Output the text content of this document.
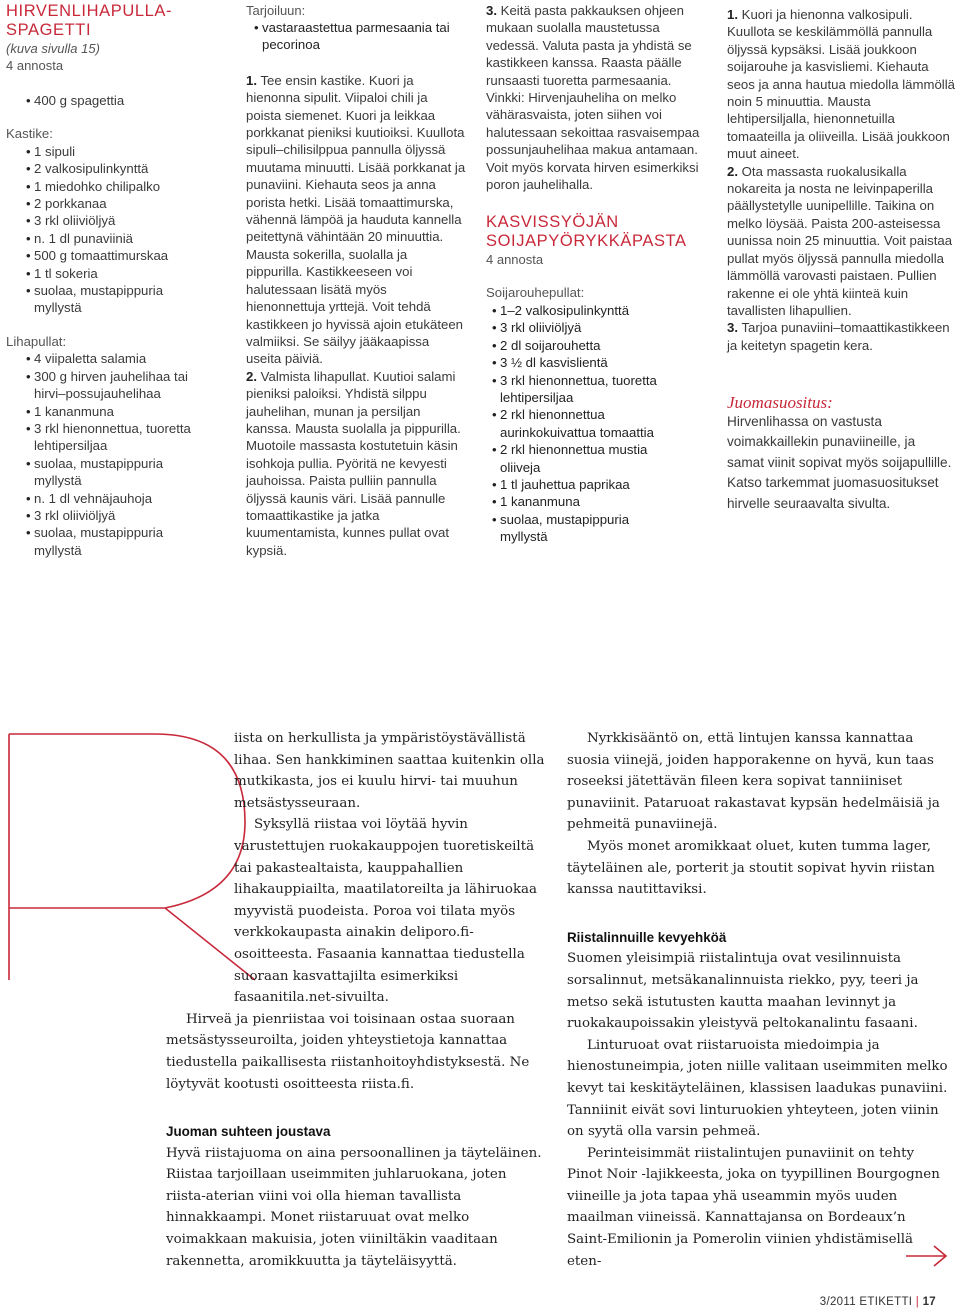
HIRVENLIHAPULLA-SPAGETTI
(kuva sivulla 15)
4 annosta
• 400 g spagettia
Kastike:
• 1 sipuli
• 2 valkosipulinkynttä
• 1 miedohko chilipalko
• 2 porkkanaa
• 3 rkl oliiviöljyä
• n. 1 dl punaviiniä
• 500 g tomaattimurskaa
• 1 tl sokeria
• suolaa, mustapippuria myllystä
Lihapullat:
• 4 viipaletta salamia
• 300 g hirven jauhelihaa tai hirvi–possujauhelihaa
• 1 kananmuna
• 3 rkl hienonnettua, tuoretta lehtipersiljaa
• suolaa, mustapippuria myllystä
• n. 1 dl vehnäjauhoja
• 3 rkl oliiviöljyä
• suolaa, mustapippuria myllystä
Tarjoiluun:
• vastaraastettua parmesaania tai pecorinoa

1. Tee ensin kastike. Kuori ja hienonna sipulit. Viipaloi chili ja poista siemenet. Kuori ja leikkaa porkkanat pieniksi kuutioiksi. Kuullota sipuli–chilisilppua pannulla öljyssä muutama minuutti. Lisää porkkanat ja punaviini. Kiehauta seos ja anna porista hetki. Lisää tomaattimurska, vähennä lämpöä ja hauduta kannella peitettynä vähintään 20 minuuttia. Mausta sokerilla, suolalla ja pippurilla. Kastikkeeseen voi halutessaan lisätä myös hienonnettuja yrttejä. Voit tehdä kastikkeen jo hyvissä ajoin etukäteen valmiiksi. Se säilyy jääkaapissa useita päiviä.

2. Valmista lihapullat. Kuutioi salami pieniksi paloiksi. Yhdistä silppu jauhelihan, munan ja persiljan kanssa. Mausta suolalla ja pippurilla. Muotoile massasta kostutetuin käsin isohkoja pullia. Pyöritä ne kevyesti jauhoissa. Paista pulliin pannulla öljyssä kaunis väri. Lisää pannulle tomaattikastike ja jatka kuumentamista, kunnes pullat ovat kypsiä.

3. Keitä pasta pakkauksen ohjeen mukaan suolalla maustetussa vedessä. Valuta pasta ja yhdistä se kastikkeen kanssa. Raasta päälle runsaasti tuoretta parmesaania.

Vinkki: Hirvenjauheliha on melko vähärasvaista, joten siihen voi halutessaan sekoittaa rasvaisempaa possunjauhelihaa makua antamaan. Voit myös korvata hirven esimerkiksi poron jauhelihalla.

KASVISSYÖJÄN SOIJAPYÖRYKKÄPASTA
4 annosta
Soijarouhepullat:
• 1–2 valkosipulinkynttä
• 3 rkl oliiviöljyä
• 2 dl soijarouhetta
• 3 ½ dl kasvislientä
• 3 rkl hienonnettua, tuoretta lehtipersiljaa
• 2 rkl hienonnettua aurinkokuivattua tomaattia
• 2 rkl hienonnettua mustia oliiveja
• 1 tl jauhettua paprikaa
• 1 kananmuna
• suolaa, mustapippuria myllystä

1. Kuori ja hienonna valkosipuli. Kuullota se keskilämmöllä pannulla öljyssä kypsäksi. Lisää joukkoon soijarouhe ja kasvisliemi. Kiehauta seos ja anna hautua miedolla lämmöllä noin 5 minuuttia. Mausta lehtipersiljalla, hienonnetuilla tomaateilla ja oliiveilla. Lisää joukkoon muut aineet.

2. Ota massasta ruokalusikalla nokareita ja nosta ne leivinpaperilla päällystetylle uunipellille. Taikina on melko löysää. Paista 200-asteisessa uunissa noin 25 minuuttia. Voit paistaa pullat myös öljyssä pannulla miedolla lämmöllä varovasti paistaen. Pullien rakenne ei ole yhtä kiinteä kuin tavallisten lihapullien.

3. Tarjoa punaviini–tomaattikastikkeen ja keitetyn spagetin kera.

Juomasuositus:

Hirvenlihassa on vastusta voimakkaillekin punaviineille, ja samat viinit sopivat myös soijapullille. Katso tarkemmat juomasuositukset hirvelle seuraavalta sivulta.

R	iista on herkullista ja ympäristöystävällistä lihaa. Sen hankkiminen saattaa kuitenkin olla mutkikasta, jos ei kuulu hirvi- tai muuhun metsästysseuraan.

Syksyllä riistaa voi löytää hyvin varustettujen ruokakauppojen tuoretiskeiltä tai pakastealtaista, kauppahallien lihakauppiailta, maatilatoreilta ja lähiruokaa myyvistä puodeista. Poroa voi tilata myös verkkokaupasta ainakin deliporo.fi-osoitteesta. Fasaania kannattaa tiedustella suoraan kasvattajilta esimerkiksi fasaanitila.net-sivuilta.

Hirveä ja pienriistaa voi toisinaan ostaa suoraan metsästysseuroilta, joiden yhteystietoja kannattaa tiedustella paikallisesta riistanhoitoyhdistyksestä. Ne löytyvät kootusti osoitteesta riista.fi.

Juoman suhteen joustava

Hyvä riistajuoma on aina persoonallinen ja täyteläinen. Riistaa tarjoillaan useimmiten juhlaruokana, joten riista-aterian viini voi olla hieman tavallista hinnakkaampi. Monet riistaruuat ovat melko voimakkaan makuisia, joten viiniltäkin vaaditaan rakennetta, aromikkuutta ja täyteläisyyttä.

Nyrkkisääntö on, että lintujen kanssa kannattaa suosia viinejä, joiden happorakenne on hyvä, kun taas roseeksi jätettävän fileen kera sopivat tanniiniset punaviinit. Pataruoat rakastavat kypsän hedelmäisiä ja pehmeitä punaviinejä.

Myös monet aromikkaat oluet, kuten tumma lager, täyteläinen ale, porterit ja stoutit sopivat hyvin riistan kanssa nautittaviksi.

Riistalinnuille kevyehköä

Suomen yleisimpiä riistalintuja ovat vesilinnuista sorsalinnut, metsäkanalinnuista riekko, pyy, teeri ja metso sekä istutusten kautta maahan levinnyt ja ruokakaupoissakin yleistyvä peltokanalintu fasaani.

Linturuoat ovat riistaruoista miedoimpia ja hienostuneimpia, joten niille valitaan useimmiten melko kevyt tai keskitäyteläinen, klassisen laadukas punaviini. Tanniinit eivät sovi linturuokien yhteyteen, joten viinin on syytä olla varsin pehmeä.

Perinteisimmät riistalintujen punaviinit on tehty Pinot Noir -lajikkeesta, joka on tyypillinen Bourgognen viineille ja jota tapaa yhä useammin myös uuden maailman viineissä. Kannattajansa on Bordeaux’n Saint-Emilionin ja Pomerolin viinien yhdistämisellä eten-

3/2011 ETIKETTI | 17
